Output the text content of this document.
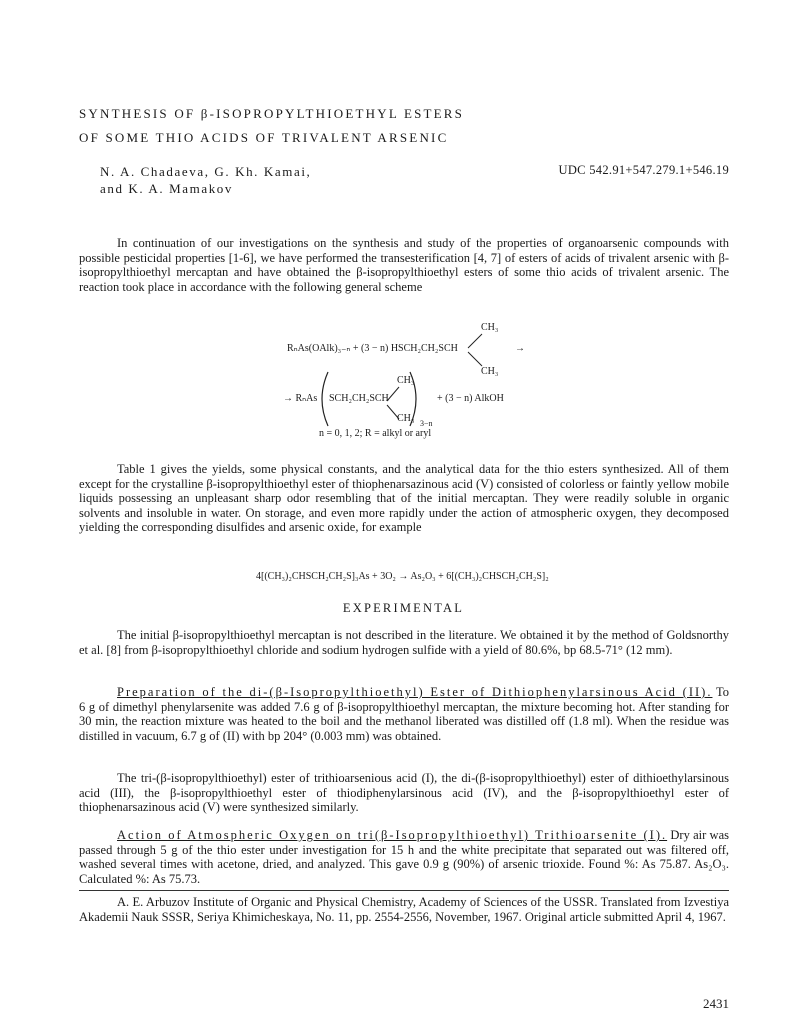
SYNTHESIS OF β-ISOPROPYLTHIOETHYL ESTERS
OF SOME THIO ACIDS OF TRIVALENT ARSENIC
N. A. Chadaeva, G. Kh. Kamai,
and K. A. Mamakov
UDC 542.91+547.279.1+546.19

In continuation of our investigations on the synthesis and study of the properties of organoarsenic compounds with possible pesticidal properties [1-6], we have performed the transesterification [4, 7] of esters of acids of trivalent arsenic with β-isopropylthioethyl mercaptan and have obtained the β-isopropylthioethyl esters of some thio acids of trivalent arsenic. The reaction took place in accordance with the following general scheme

CH₃
RₙAs(OAlk)₃₋ₙ + (3 − n) HSCH₂CH₂SCH	→
CH₃
CH₃
→ RₙAs SCH₂CH₂SCH	+ (3 − n) AlkOH
CH₃ 3−n
n = 0, 1, 2; R = alkyl or aryl

Table 1 gives the yields, some physical constants, and the analytical data for the thio esters synthesized. All of them except for the crystalline β-isopropylthioethyl ester of thiophenarsazinous acid (V) consisted of colorless or faintly yellow mobile liquids possessing an unpleasant sharp odor resembling that of the initial mercaptan. They were readily soluble in organic solvents and insoluble in water. On storage, and even more rapidly under the action of atmospheric oxygen, they decomposed yielding the corresponding disulfides and arsenic oxide, for example

4[(CH₃)₂CHSCH₂CH₂S]₃As + 3O₂ → As₂O₃ + 6[(CH₃)₂CHSCH₂CH₂S]₂
EXPERIMENTAL

The initial β-isopropylthioethyl mercaptan is not described in the literature. We obtained it by the method of Goldsnorthy et al. [8] from β-isopropylthioethyl chloride and sodium hydrogen sulfide with a yield of 80.6%, bp 68.5-71° (12 mm).

Preparation of the di-(β-Isopropylthioethyl) Ester of Dithiophenylarsinous Acid (II). To 6 g of dimethyl phenylarsenite was added 7.6 g of β-isopropylthioethyl mercaptan, the mixture becoming hot. After standing for 30 min, the reaction mixture was heated to the boil and the methanol liberated was distilled off (1.8 ml). When the residue was distilled in vacuum, 6.7 g of (II) with bp 204° (0.003 mm) was obtained.

The tri-(β-isopropylthioethyl) ester of trithioarsenious acid (I), the di-(β-isopropylthioethyl) ester of dithioethylarsinous acid (III), the β-isopropylthioethyl ester of thiodiphenylarsinous acid (IV), and the β-isopropylthioethyl ester of thiophenarsazinous acid (V) were synthesized similarly.

Action of Atmospheric Oxygen on tri(β-Isopropylthioethyl) Trithioarsenite (I). Dry air was passed through 5 g of the thio ester under investigation for 15 h and the white precipitate that separated out was filtered off, washed several times with acetone, dried, and analyzed. This gave 0.9 g (90%) of arsenic trioxide. Found %: As 75.87. As₂O₃. Calculated %: As 75.73.

A. E. Arbuzov Institute of Organic and Physical Chemistry, Academy of Sciences of the USSR. Translated from Izvestiya Akademii Nauk SSSR, Seriya Khimicheskaya, No. 11, pp. 2554-2556, November, 1967. Original article submitted April 4, 1967.

2431
